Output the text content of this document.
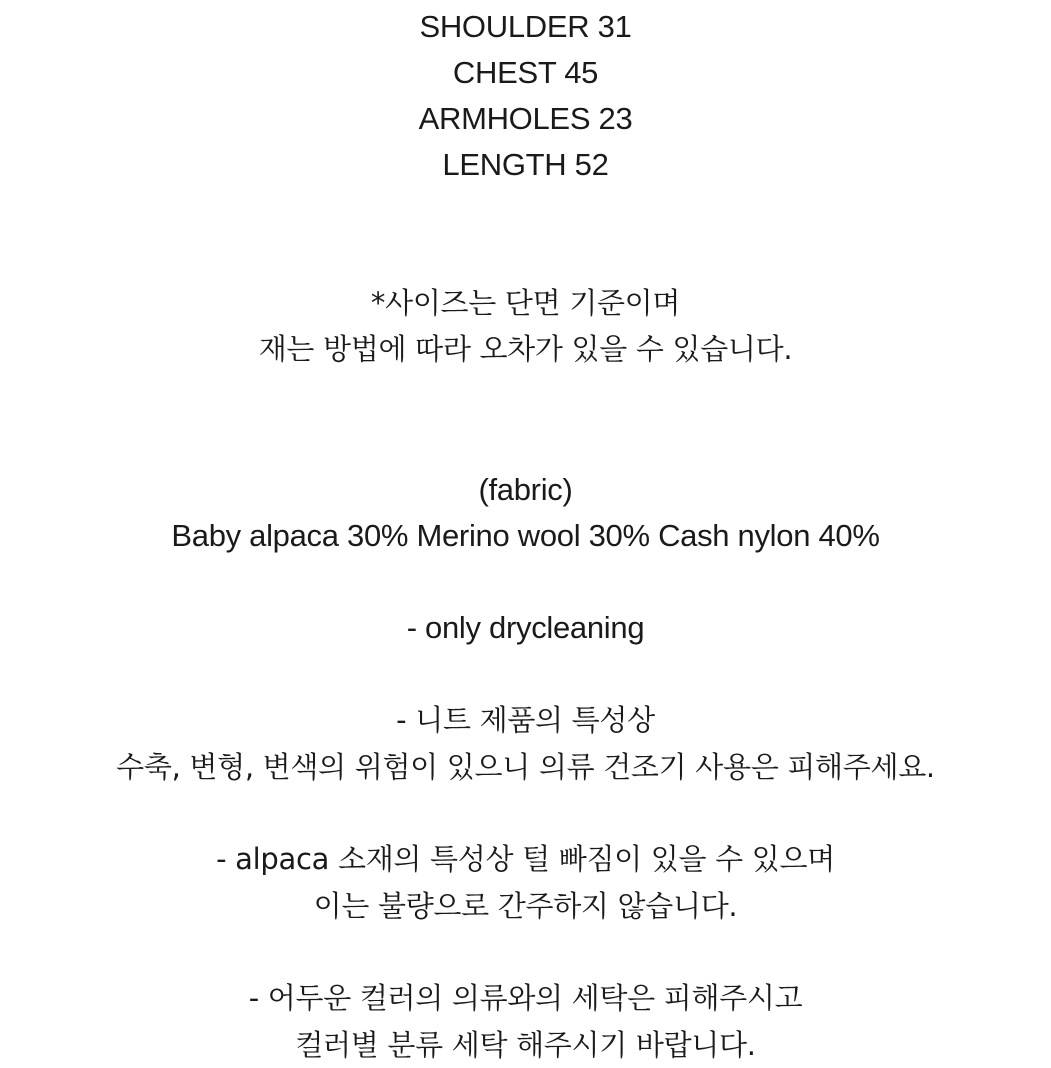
SHOULDER 31
CHEST 45
ARMHOLES 23
LENGTH 52
*사이즈는 단면 기준이며
재는 방법에 따라 오차가 있을 수 있습니다.
(fabric)
Baby alpaca 30% Merino wool 30% Cash nylon 40%
- only drycleaning
- 니트 제품의 특성상
수축, 변형, 변색의 위험이 있으니 의류 건조기 사용은 피해주세요.
- alpaca 소재의 특성상 털 빠짐이 있을 수 있으며
이는 불량으로 간주하지 않습니다.
- 어두운 컬러의 의류와의 세탁은 피해주시고
컬러별 분류 세탁 해주시기 바랍니다.
